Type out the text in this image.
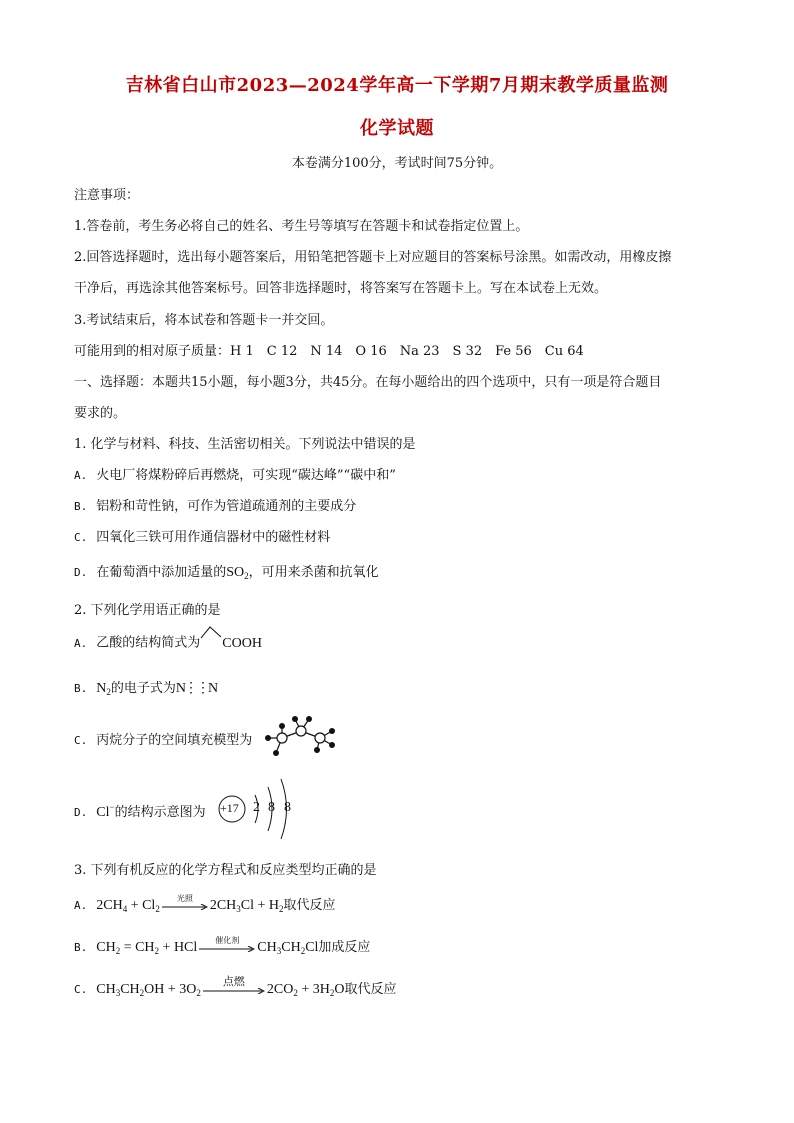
吉林省白山市2023—2024学年高一下学期7月期末教学质量监测
化学试题
本卷满分100分，考试时间75分钟。
注意事项：
1.答卷前，考生务必将自己的姓名、考生号等填写在答题卡和试卷指定位置上。
2.回答选择题时，选出每小题答案后，用铅笔把答题卡上对应题目的答案标号涂黑。如需改动，用橡皮擦
干净后，再选涂其他答案标号。回答非选择题时，将答案写在答题卡上。写在本试卷上无效。
3.考试结束后，将本试卷和答题卡一并交回。
可能用到的相对原子质量：H 1　C 12　N 14　O 16　Na 23　S 32　Fe 56　Cu 64
一、选择题：本题共15小题，每小题3分，共45分。在每小题给出的四个选项中，只有一项是符合题目
要求的。
1. 化学与材料、科技、生活密切相关。下列说法中错误的是
A. 火电厂将煤粉碎后再燃烧，可实现“碳达峰”“碳中和”
B. 铝粉和苛性钠，可作为管道疏通剂的主要成分
C. 四氧化三铁可用作通信器材中的磁性材料
D. 在葡萄酒中添加适量的$SO_2$，可用来杀菌和抗氧化
2. 下列化学用语正确的是
A. 乙酸的结构简式为 COOH
B. $N_2$的电子式为N⋮⋮N
C. 丙烷分子的空间填充模型为
D. Cl−的结构示意图为 +17 2 8 8
3. 下列有机反应的化学方程式和反应类型均正确的是
A. $2CH_4 + Cl_2$
光照	$2CH_3Cl + H_2$取代反应
B. $CH_2 = CH_2$ + HCl	催化剂	$CH_3CH_2Cl$加成反应
C. $CH_3CH_2OH + 3O_2$
点燃
$2CO_2 + 3H_2O$取代反应
